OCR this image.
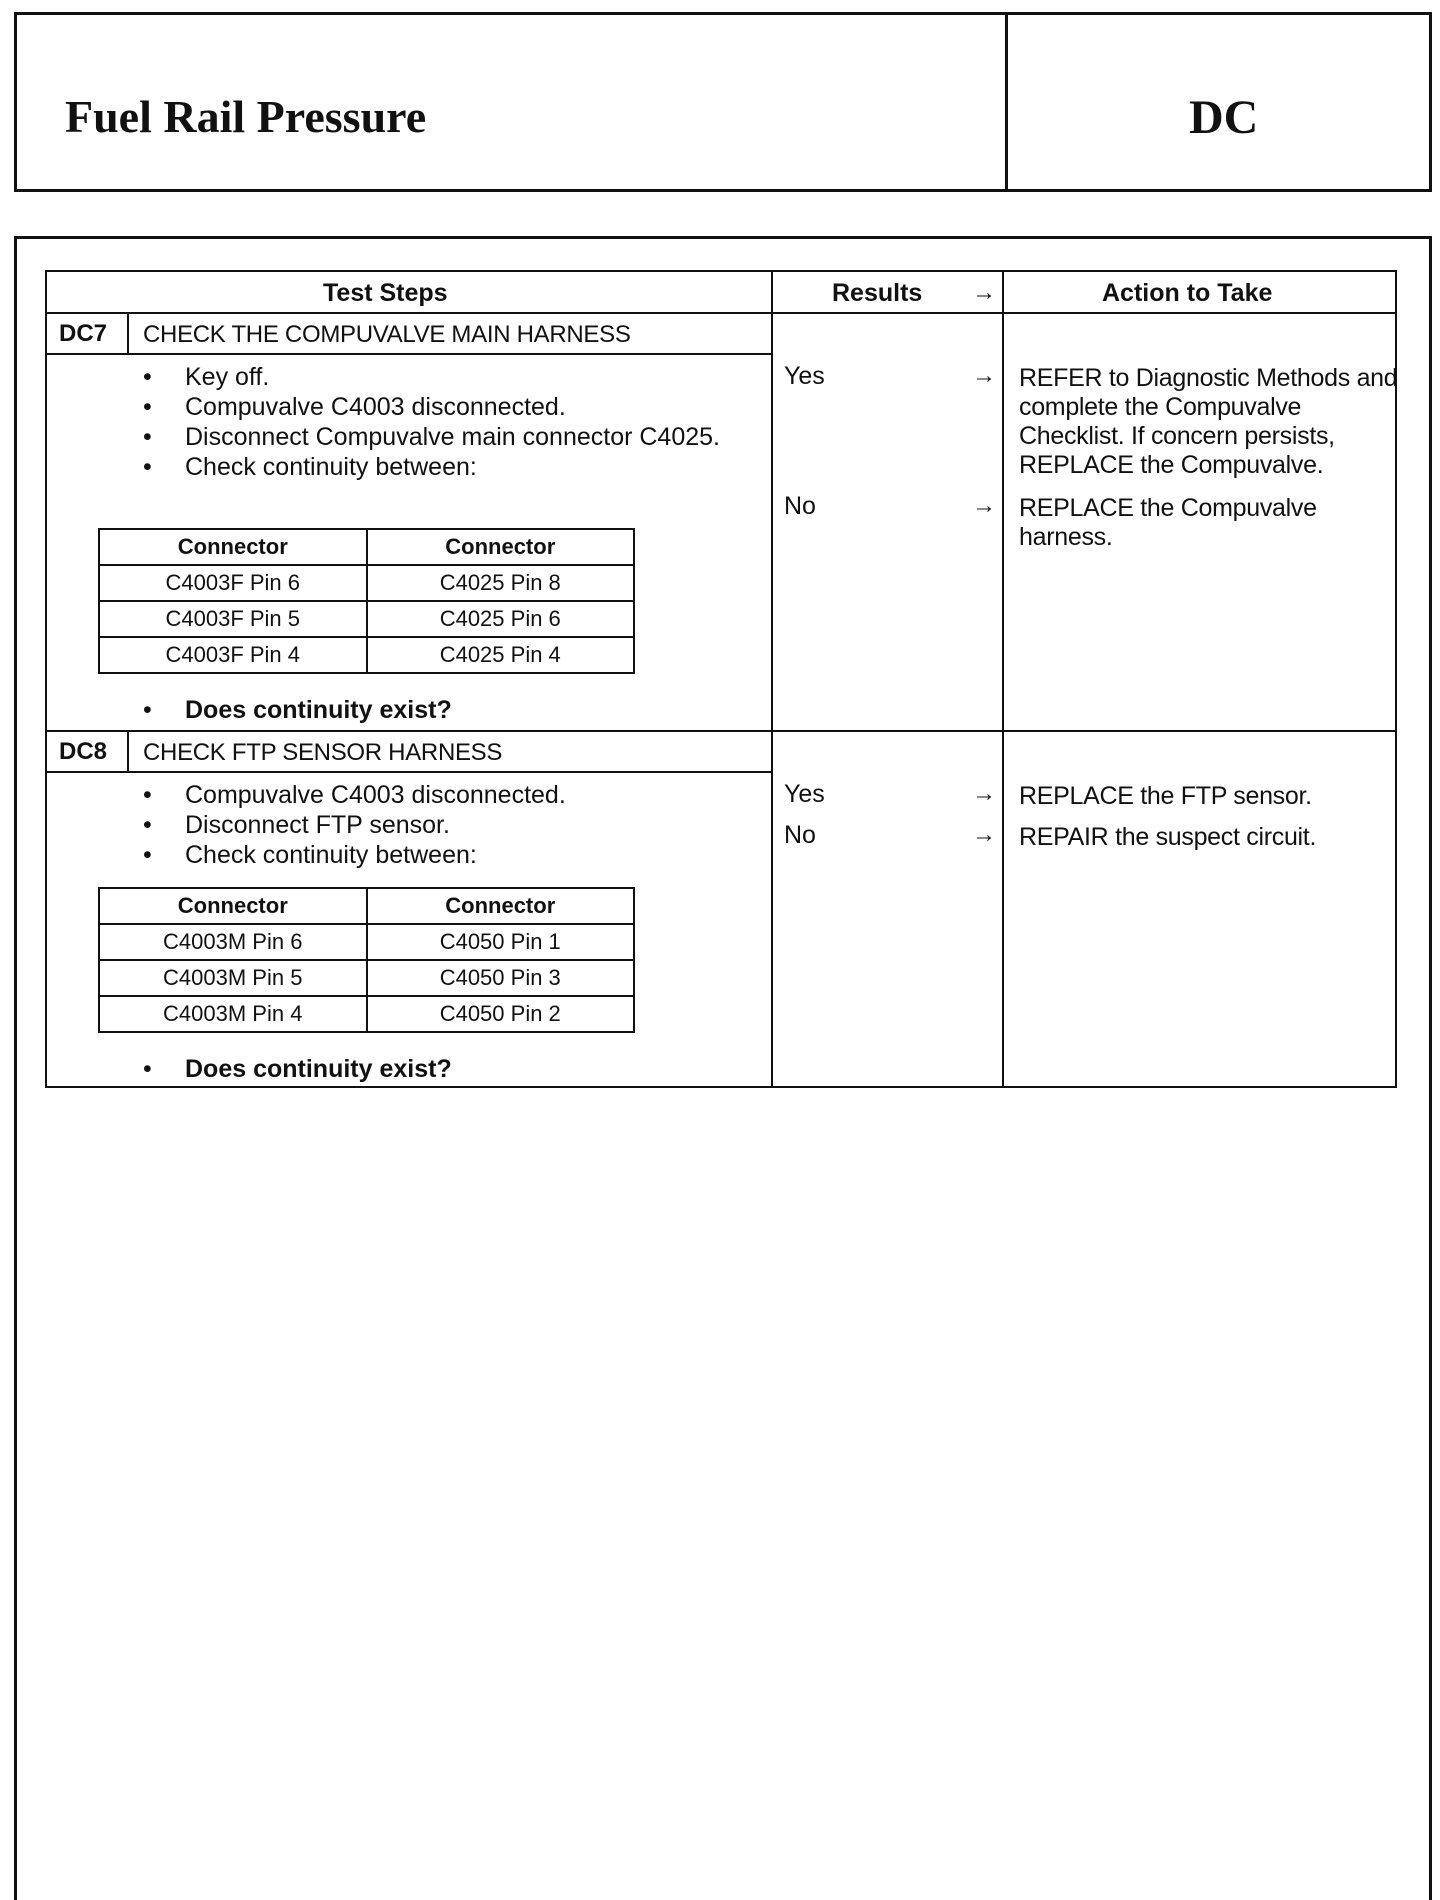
Fuel Rail Pressure	DC
Test Steps	Results →	Action to Take
DC7 CHECK THE COMPUVALVE MAIN HARNESS
• Key off.
• Compuvalve C4003 disconnected.
• Disconnect Compuvalve main connector C4025.
• Check continuity between:
Connector	Connector
C4003F Pin 6	C4025 Pin 8
C4003F Pin 5	C4025 Pin 6
C4003F Pin 4	C4025 Pin 4
• Does continuity exist?
Yes	→ REFER to Diagnostic Methods and complete the Compuvalve Checklist. If concern persists, REPLACE the Compuvalve.
No	→ REPLACE the Compuvalve harness.
DC8 CHECK FTP SENSOR HARNESS
• Compuvalve C4003 disconnected.
• Disconnect FTP sensor.
• Check continuity between:
Connector	Connector
C4003M Pin 6	C4050 Pin 1
C4003M Pin 5	C4050 Pin 3
C4003M Pin 4	C4050 Pin 2
• Does continuity exist?
Yes	→ REPLACE the FTP sensor.
No	→ REPAIR the suspect circuit.
